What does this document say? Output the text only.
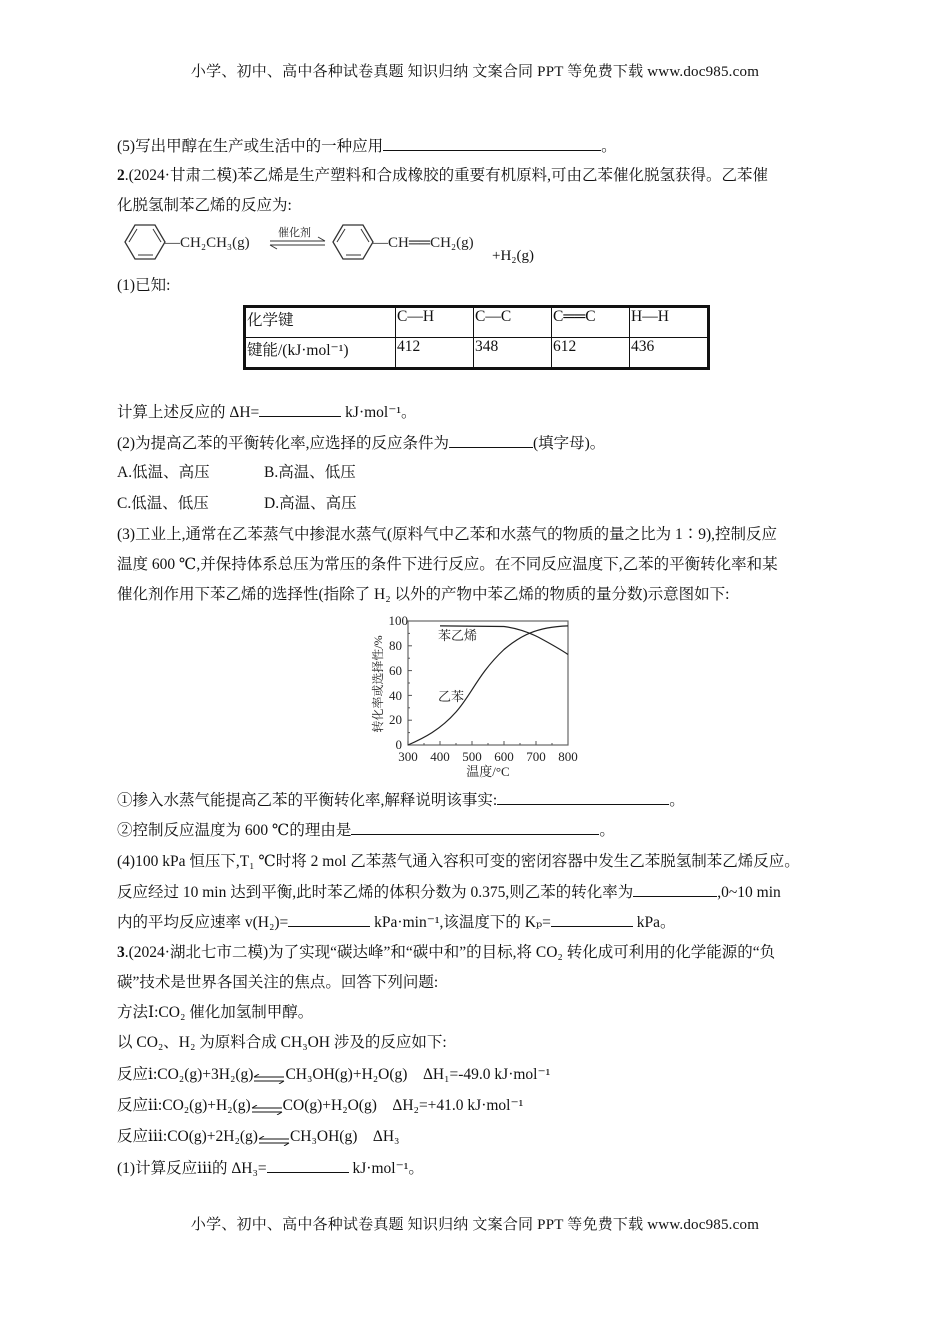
小学、初中、高中各种试卷真题 知识归纳 文案合同 PPT 等免费下载 www.doc985.com
(5)写出甲醇在生产或生活中的一种应用	。
2.(2024·甘肃二模)苯乙烯是生产塑料和合成橡胶的重要有机原料,可由乙苯催化脱氢获得。乙苯催
化脱氢制苯乙烯的反应为:
—CH₂CH₃(g)
催化剂
—CH══CH₂(g)
+H₂(g)
(1)已知:
化学键	C—H	C—C	C══C	H—H
键能/(kJ·mol⁻¹)	412	348	612	436
计算上述反应的 ΔH=	kJ·mol⁻¹。
(2)为提高乙苯的平衡转化率,应选择的反应条件为	(填字母)。
A.低温、高压	B.高温、低压
C.低温、低压	D.高温、高压
(3)工业上,通常在乙苯蒸气中掺混水蒸气(原料气中乙苯和水蒸气的物质的量之比为 1∶9),控制反应
温度 600 ℃,并保持体系总压为常压的条件下进行反应。在不同反应温度下,乙苯的平衡转化率和某
催化剂作用下苯乙烯的选择性(指除了 H₂ 以外的产物中苯乙烯的物质的量分数)示意图如下:
0
20
40
60
80
100
300 400 500 600 700 800
温度/°C
苯乙烯
乙苯
转化率或选择性/%
①掺入水蒸气能提高乙苯的平衡转化率,解释说明该事实:	。
②控制反应温度为 600 ℃的理由是	。
(4)100 kPa 恒压下,T₁ ℃时将 2 mol 乙苯蒸气通入容积可变的密闭容器中发生乙苯脱氢制苯乙烯反应。
反应经过 10 min 达到平衡,此时苯乙烯的体积分数为 0.375,则乙苯的转化率为	,0~10 min
内的平均反应速率 v(H₂)=	kPa·min⁻¹,该温度下的 Kₚ=	kPa。
3.(2024·湖北七市二模)为了实现“碳达峰”和“碳中和”的目标,将 CO₂ 转化成可利用的化学能源的“负
碳”技术是世界各国关注的焦点。回答下列问题:
方法Ⅰ:CO₂ 催化加氢制甲醇。
以 CO₂、H₂ 为原料合成 CH₃OH 涉及的反应如下:
反应ⅰ:CO₂(g)+3H₂(g)⇌CH₃OH(g)+H₂O(g) ΔH₁=-49.0 kJ·mol⁻¹
反应ⅱ:CO₂(g)+H₂(g)⇌CO(g)+H₂O(g) ΔH₂=+41.0 kJ·mol⁻¹
反应ⅲ:CO(g)+2H₂(g)⇌CH₃OH(g) ΔH₃
(1)计算反应ⅲ的 ΔH₃=	kJ·mol⁻¹。
小学、初中、高中各种试卷真题 知识归纳 文案合同 PPT 等免费下载 www.doc985.com
